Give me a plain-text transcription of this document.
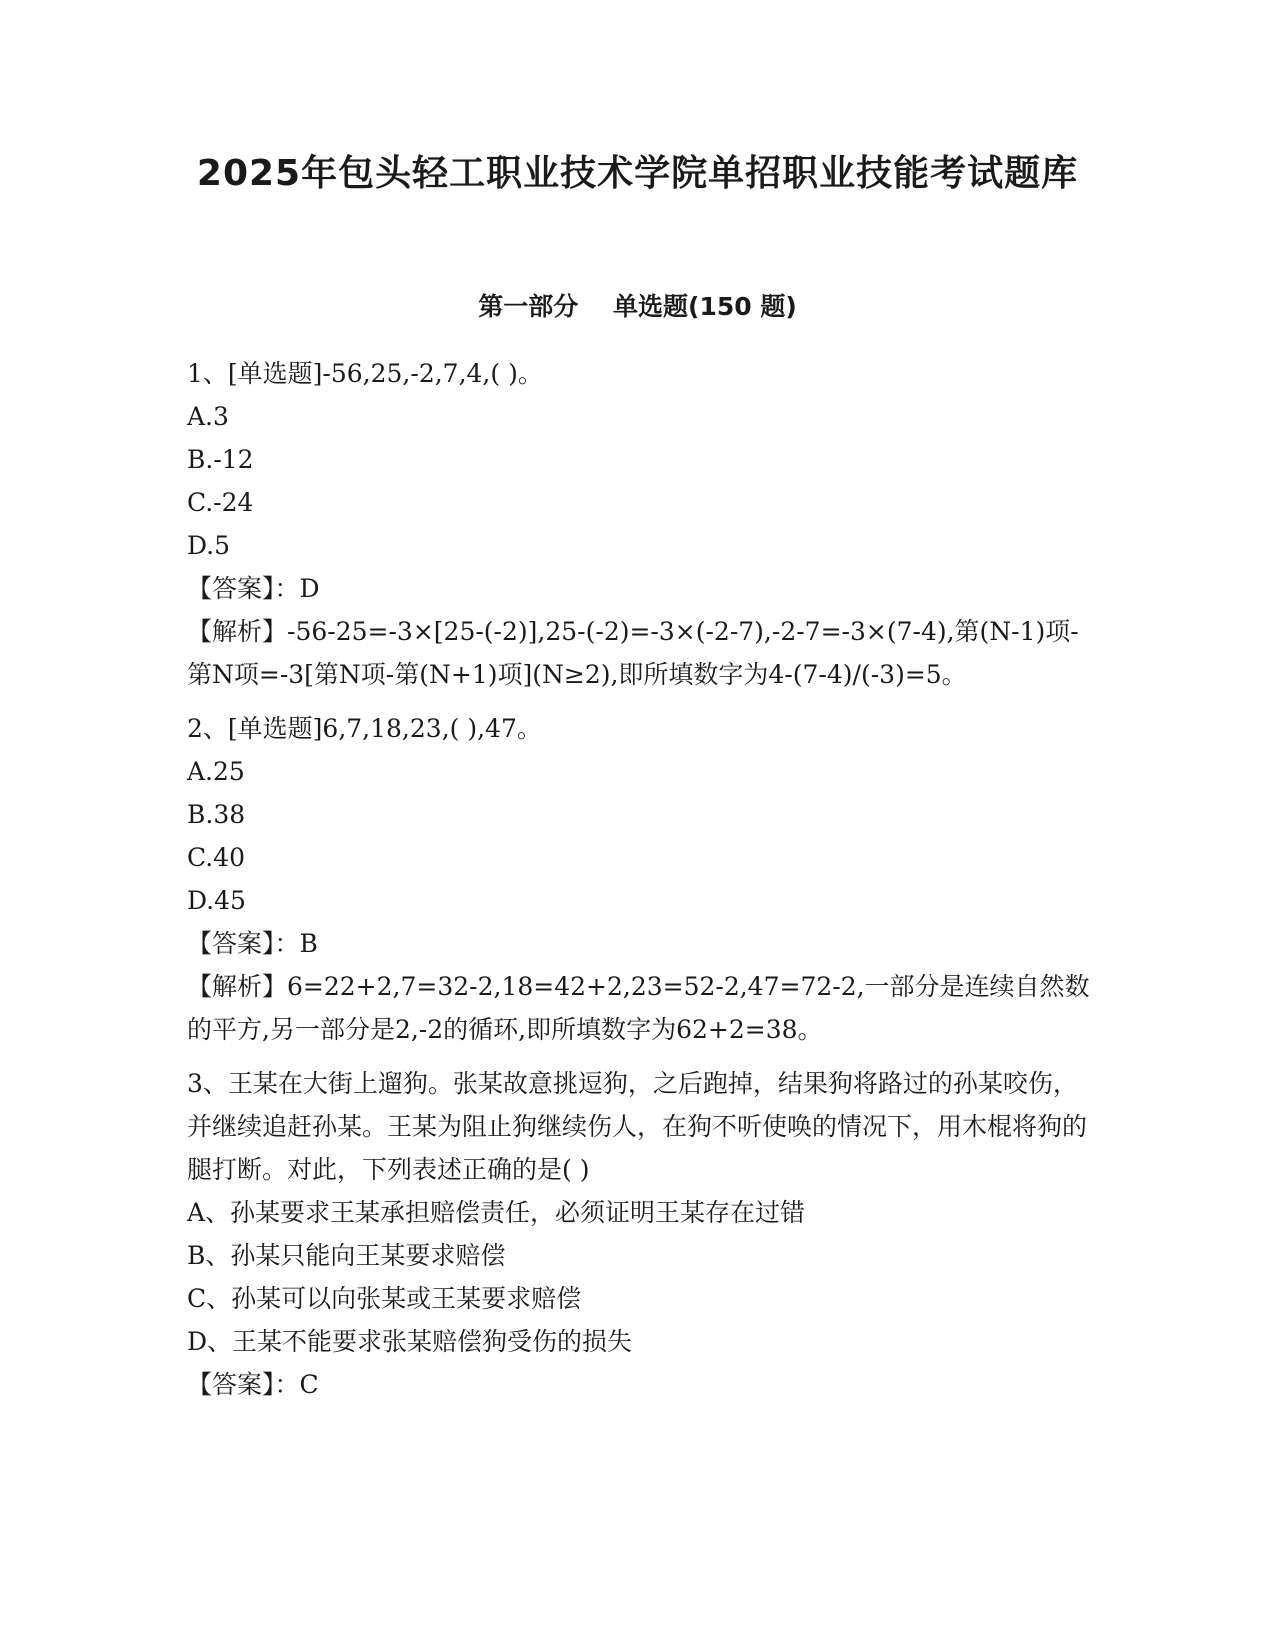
2025年包头轻工职业技术学院单招职业技能考试题库
第一部分    单选题(150 题)

1、[单选题]-56,25,-2,7,4,( )。

A.3

B.-12

C.-24

D.5

【答案】：D

【解析】-56-25=-3×[25-(-2)],25-(-2)=-3×(-2-7),-2-7=-3×(7-4),第(N-1)项-第N项=-3[第N项-第(N+1)项](N≥2),即所填数字为4-(7-4)/(-3)=5。

2、[单选题]6,7,18,23,( ),47。

A.25

B.38

C.40

D.45

【答案】：B

【解析】6=22+2,7=32-2,18=42+2,23=52-2,47=72-2,一部分是连续自然数的平方,另一部分是2,-2的循环,即所填数字为62+2=38。

3、王某在大街上遛狗。张某故意挑逗狗，之后跑掉，结果狗将路过的孙某咬伤，并继续追赶孙某。王某为阻止狗继续伤人，在狗不听使唤的情况下，用木棍将狗的腿打断。对此，下列表述正确的是( )

A、孙某要求王某承担赔偿责任，必须证明王某存在过错

B、孙某只能向王某要求赔偿

C、孙某可以向张某或王某要求赔偿

D、王某不能要求张某赔偿狗受伤的损失

【答案】：C
